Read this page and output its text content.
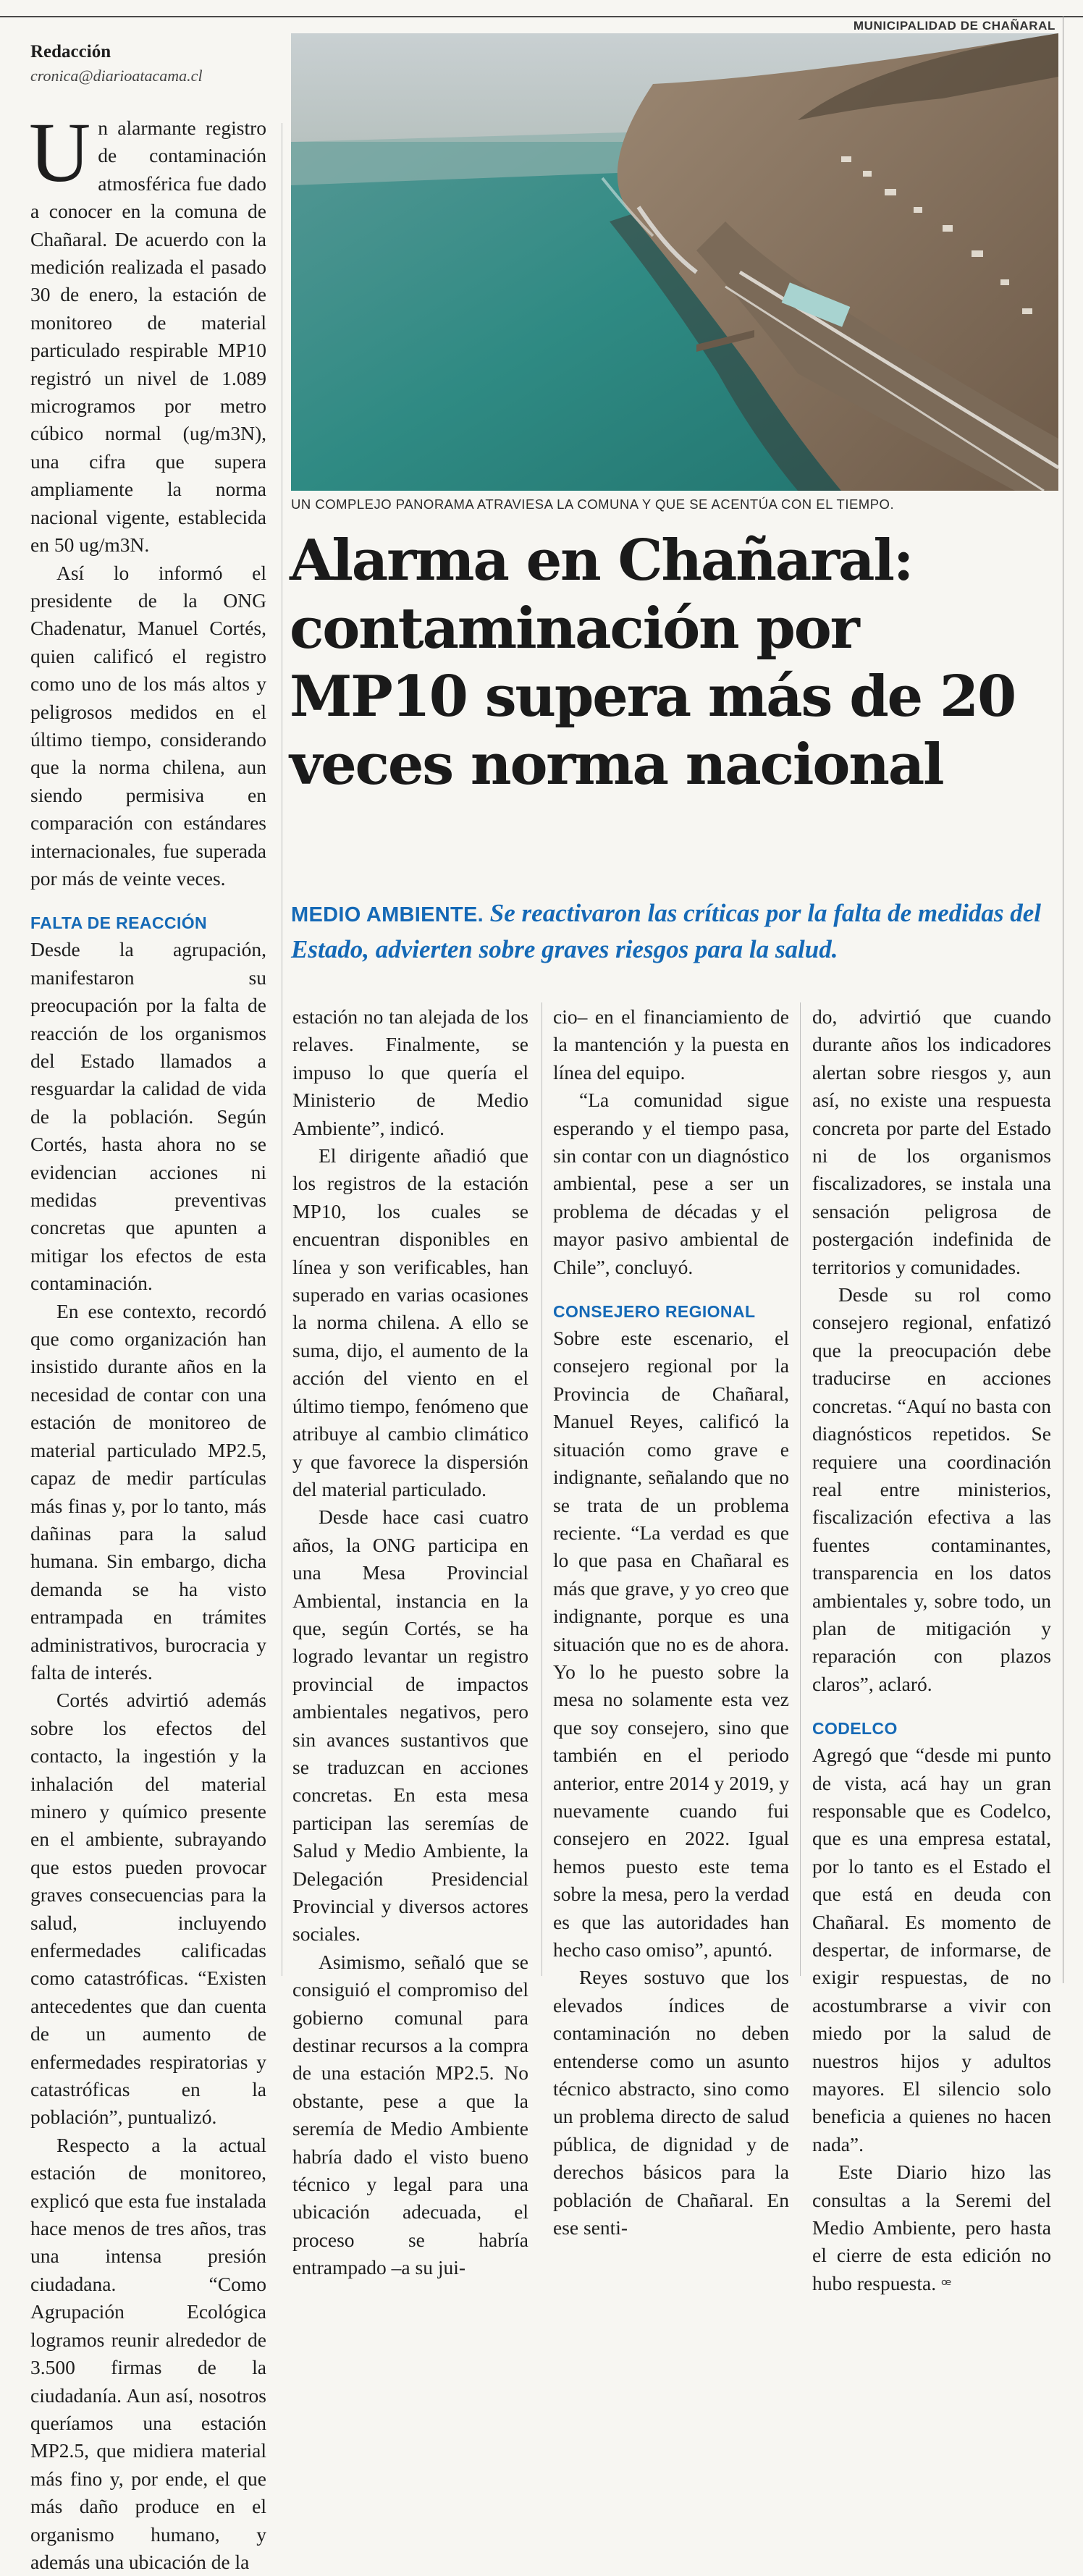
MUNICIPALIDAD DE CHAÑARAL
Redacción
cronica@diarioatacama.cl
UN COMPLEJO PANORAMA ATRAVIESA LA COMUNA Y QUE SE ACENTÚA CON EL TIEMPO.
Alarma en Chañaral:
contaminación por
MP10 supera más de 20
veces norma nacional
MEDIO AMBIENTE. Se reactivaron las críticas por la falta de medidas del Estado, advierten sobre graves riesgos para la salud.

Un alarmante registro de contaminación atmosférica fue dado a conocer en la comuna de Chañaral. De acuerdo con la medición realizada el pasado 30 de enero, la estación de monitoreo de material particulado respirable MP10 registró un nivel de 1.089 microgramos por metro cúbico normal (ug/m3N), una cifra que supera ampliamente la norma nacional vigente, establecida en 50 ug/m3N.

Así lo informó el presidente de la ONG Chadenatur, Manuel Cortés, quien calificó el registro como uno de los más altos y peligrosos medidos en el último tiempo, considerando que la norma chilena, aun siendo permisiva en comparación con estándares internacionales, fue superada por más de veinte veces.

FALTA DE REACCIÓN

Desde la agrupación, manifestaron su preocupación por la falta de reacción de los organismos del Estado llamados a resguardar la calidad de vida de la población. Según Cortés, hasta ahora no se evidencian acciones ni medidas preventivas concretas que apunten a mitigar los efectos de esta contaminación.

En ese contexto, recordó que como organización han insistido durante años en la necesidad de contar con una estación de monitoreo de material particulado MP2.5, capaz de medir partículas más finas y, por lo tanto, más dañinas para la salud humana. Sin embargo, dicha demanda se ha visto entrampada en trámites administrativos, burocracia y falta de interés.

Cortés advirtió además sobre los efectos del contacto, la ingestión y la inhalación del material minero y químico presente en el ambiente, subrayando que estos pueden provocar graves consecuencias para la salud, incluyendo enfermedades calificadas como catastróficas. “Existen antecedentes que dan cuenta de un aumento de enfermedades respiratorias y catastróficas en la población”, puntualizó.

Respecto a la actual estación de monitoreo, explicó que esta fue instalada hace menos de tres años, tras una intensa presión ciudadana. “Como Agrupación Ecológica logramos reunir alrededor de 3.500 firmas de la ciudadanía. Aun así, nosotros queríamos una estación MP2.5, que midiera material más fino y, por ende, el que más daño produce en el organismo humano, y además una ubicación de la

estación no tan alejada de los relaves. Finalmente, se impuso lo que quería el Ministerio de Medio Ambiente”, indicó.

El dirigente añadió que los registros de la estación MP10, los cuales se encuentran disponibles en línea y son verificables, han superado en varias ocasiones la norma chilena. A ello se suma, dijo, el aumento de la acción del viento en el último tiempo, fenómeno que atribuye al cambio climático y que favorece la dispersión del material particulado.

Desde hace casi cuatro años, la ONG participa en una Mesa Provincial Ambiental, instancia en la que, según Cortés, se ha logrado levantar un registro provincial de impactos ambientales negativos, pero sin avances sustantivos que se traduzcan en acciones concretas. En esta mesa participan las seremías de Salud y Medio Ambiente, la Delegación Presidencial Provincial y diversos actores sociales.

Asimismo, señaló que se consiguió el compromiso del gobierno comunal para destinar recursos a la compra de una estación MP2.5. No obstante, pese a que la seremía de Medio Ambiente habría dado el visto bueno técnico y legal para una ubicación adecuada, el proceso se habría entrampado –a su jui-

cio– en el financiamiento de la mantención y la puesta en línea del equipo.

“La comunidad sigue esperando y el tiempo pasa, sin contar con un diagnóstico ambiental, pese a ser un problema de décadas y el mayor pasivo ambiental de Chile”, concluyó.

CONSEJERO REGIONAL

Sobre este escenario, el consejero regional por la Provincia de Chañaral, Manuel Reyes, calificó la situación como grave e indignante, señalando que no se trata de un problema reciente. “La verdad es que lo que pasa en Chañaral es más que grave, y yo creo que indignante, porque es una situación que no es de ahora. Yo lo he puesto sobre la mesa no solamente esta vez que soy consejero, sino que también en el periodo anterior, entre 2014 y 2019, y nuevamente cuando fui consejero en 2022. Igual hemos puesto este tema sobre la mesa, pero la verdad es que las autoridades han hecho caso omiso”, apuntó.

Reyes sostuvo que los elevados índices de contaminación no deben entenderse como un asunto técnico abstracto, sino como un problema directo de salud pública, de dignidad y de derechos básicos para la población de Chañaral. En ese senti-

do, advirtió que cuando durante años los indicadores alertan sobre riesgos y, aun así, no existe una respuesta concreta por parte del Estado ni de los organismos fiscalizadores, se instala una sensación peligrosa de postergación indefinida de territorios y comunidades.

Desde su rol como consejero regional, enfatizó que la preocupación debe traducirse en acciones concretas. “Aquí no basta con diagnósticos repetidos. Se requiere una coordinación real entre ministerios, fiscalización efectiva a las fuentes contaminantes, transparencia en los datos ambientales y, sobre todo, un plan de mitigación y reparación con plazos claros”, aclaró.

CODELCO

Agregó que “desde mi punto de vista, acá hay un gran responsable que es Codelco, que es una empresa estatal, por lo tanto es el Estado el que está en deuda con Chañaral. Es momento de despertar, de informarse, de exigir respuestas, de no acostumbrarse a vivir con miedo por la salud de nuestros hijos y adultos mayores. El silencio solo beneficia a quienes no hacen nada”.

Este Diario hizo las consultas a la Seremi del Medio Ambiente, pero hasta el cierre de esta edición no hubo respuesta. ꟹ
